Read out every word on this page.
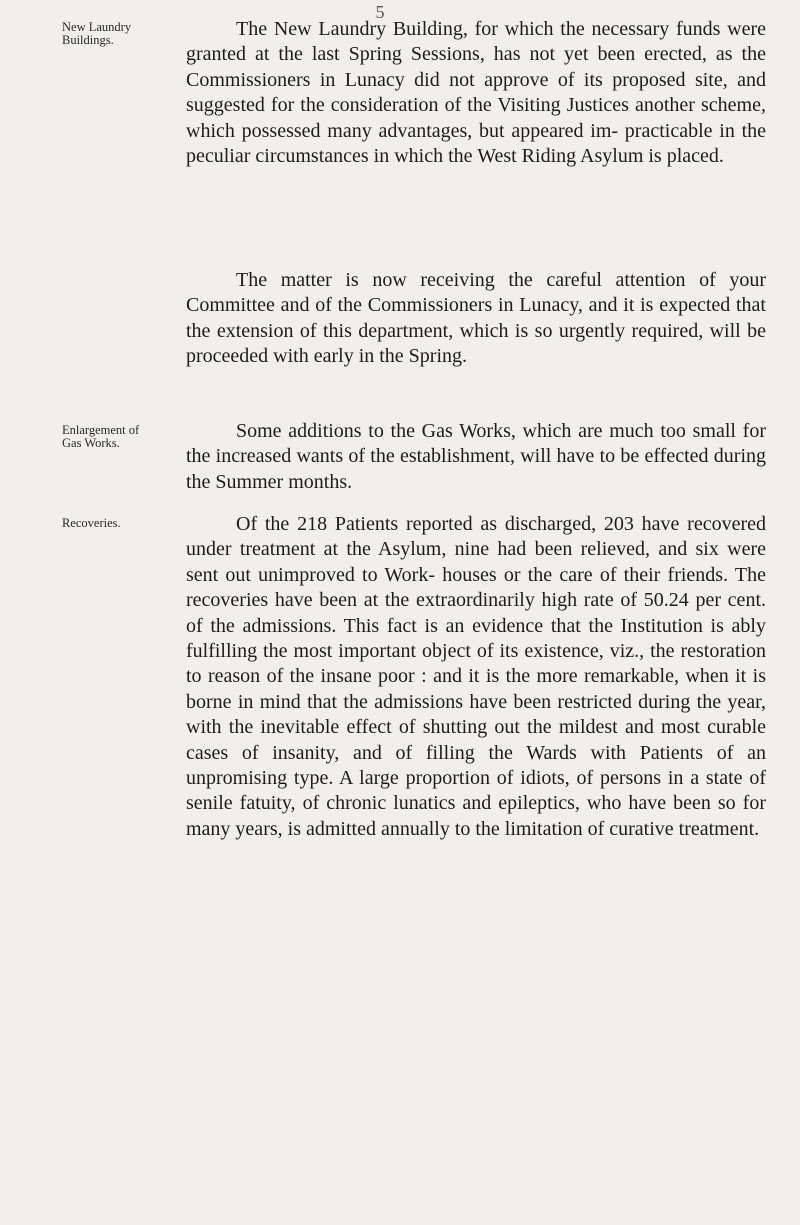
5
New Laundry Buildings.	The New Laundry Building, for which the necessary funds were granted at the last Spring Sessions, has not yet been erected, as the Commissioners in Lunacy did not approve of its proposed site, and suggested for the consideration of the Visiting Justices another scheme, which possessed many advantages, but appeared im- practicable in the peculiar circumstances in which the West Riding Asylum is placed.

The matter is now receiving the careful attention of your Committee and of the Commissioners in Lunacy, and it is expected that the extension of this department, which is so urgently required, will be proceeded with early in the Spring.

Enlargement of Gas Works.

Some additions to the Gas Works, which are much too small for the increased wants of the establishment, will have to be effected during the Summer months.

Recoveries.	Of the 218 Patients reported as discharged, 203 have recovered under treatment at the Asylum, nine had been relieved, and six were sent out unimproved to Work- houses or the care of their friends. The recoveries have been at the extraordinarily high rate of 50.24 per cent. of the admissions. This fact is an evidence that the Institution is ably fulfilling the most important object of its existence, viz., the restoration to reason of the insane poor : and it is the more remarkable, when it is borne in mind that the admissions have been restricted during the year, with the inevitable effect of shutting out the mildest and most curable cases of insanity, and of filling the Wards with Patients of an unpromising type. A large proportion of idiots, of persons in a state of senile fatuity, of chronic lunatics and epileptics, who have been so for many years, is admitted annually to the limitation of curative treatment.
